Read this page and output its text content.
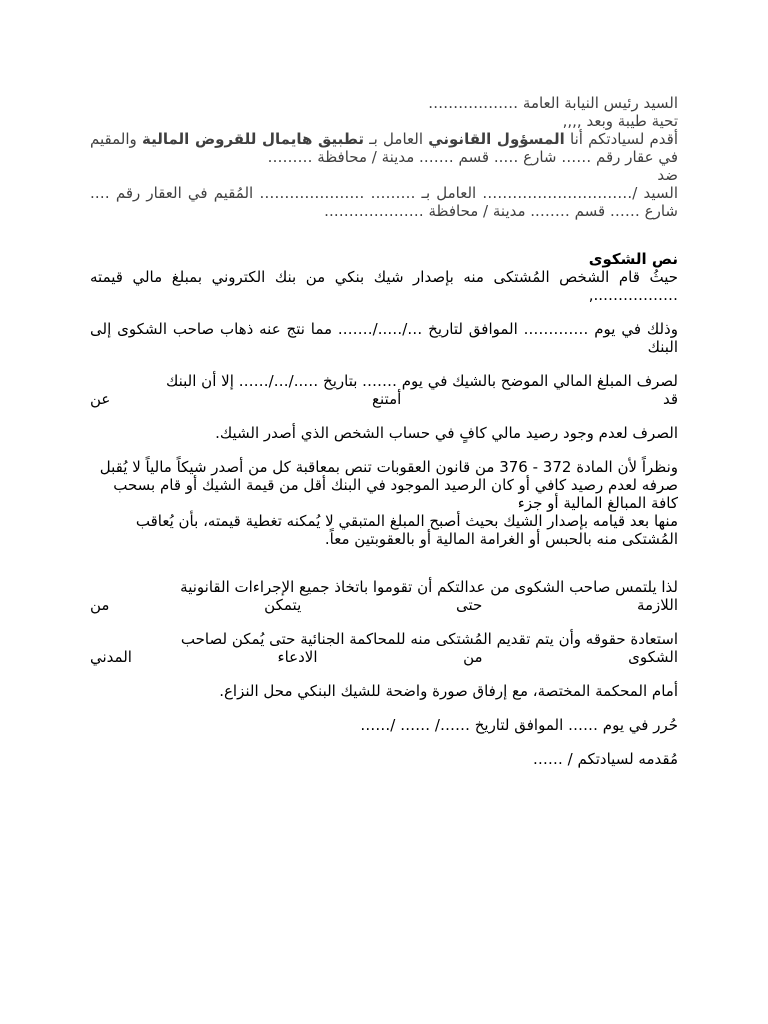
السيد رئيس النيابة العامة ………………

تحية طيبة وبعد ,,,,

أقدم لسيادتكم أنا المسؤول القانوني العامل بـ تطبيق هايمال للقروض المالية والمقيم في عقار رقم …… شارع ….. قسم ……. مدينة / محافظة ………

ضد

السيد /………………………… العامل بـ ……… ………………… المُقيم في العقار رقم …. شارع …… قسم …….. مدينة / محافظة ………………..

نص الشكوى

حيثُ قام الشخص المُشتكى منه بإصدار شيك بنكي من بنك الكتروني بمبلغ مالي قيمته ……………..,

وذلك في يوم …………. الموافق لتاريخ …/…../……. مما نتج عنه ذهاب صاحب الشكوى إلى البنك

لصرف المبلغ المالي الموضح بالشيك في يوم ……. بتاريخ …../…/…… إلا أن البنك

قد أمتنع عن

الصرف لعدم وجود رصيد مالي كافٍ في حساب الشخص الذي أصدر الشيك.

ونظراً لأن المادة 372 - 376 من قانون العقوبات تنص بمعاقبة كل من أصدر شيكاً مالياً لا يُقبل صرفه لعدم رصيد كافي أو كان الرصيد الموجود في البنك أقل من قيمة الشيك أو قام بسحب كافة المبالغ المالية أو جزء

منها بعد قيامه بإصدار الشيك بحيث أصبح المبلغ المتبقي لا يُمكنه تغطية قيمته، بأن يُعاقب المُشتكى منه بالحبس أو الغرامة المالية أو بالعقوبتين معاً.

لذا يلتمس صاحب الشكوى من عدالتكم أن تقوموا باتخاذ جميع الإجراءات القانونية

اللازمة حتى يتمكن من

استعادة حقوقه وأن يتم تقديم المُشتكى منه للمحاكمة الجنائية حتى يُمكن لصاحب

الشكوى من الادعاء المدني

أمام المحكمة المختصة، مع إرفاق صورة واضحة للشيك البنكي محل النزاع.

حُرر في يوم …… الموافق لتاريخ ……/ …… /……

مُقدمه لسيادتكم / ……
